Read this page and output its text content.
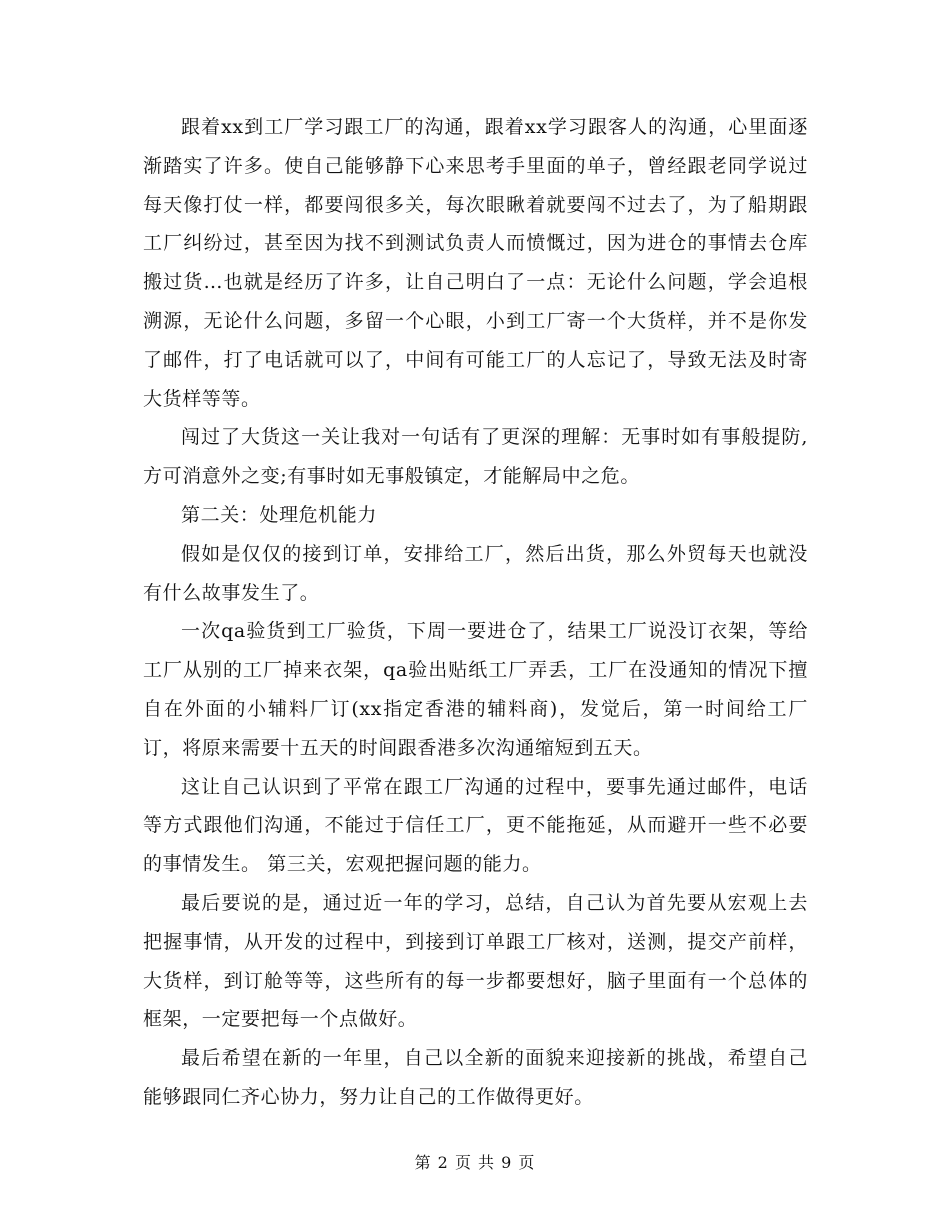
跟着xx到工厂学习跟工厂的沟通，跟着xx学习跟客人的沟通，心里面逐渐踏实了许多。使自己能够静下心来思考手里面的单子，曾经跟老同学说过每天像打仗一样，都要闯很多关，每次眼瞅着就要闯不过去了，为了船期跟工厂纠纷过，甚至因为找不到测试负责人而愤慨过，因为进仓的事情去仓库搬过货…也就是经历了许多，让自己明白了一点：无论什么问题，学会追根溯源，无论什么问题，多留一个心眼，小到工厂寄一个大货样，并不是你发了邮件，打了电话就可以了，中间有可能工厂的人忘记了，导致无法及时寄大货样等等。

闯过了大货这一关让我对一句话有了更深的理解：无事时如有事般提防,方可消意外之变;有事时如无事般镇定，才能解局中之危。

第二关：处理危机能力

假如是仅仅的接到订单，安排给工厂，然后出货，那么外贸每天也就没有什么故事发生了。

一次qa验货到工厂验货，下周一要进仓了，结果工厂说没订衣架，等给工厂从别的工厂掉来衣架，qa验出贴纸工厂弄丢，工厂在没通知的情况下擅自在外面的小辅料厂订(xx指定香港的辅料商)，发觉后，第一时间给工厂订，将原来需要十五天的时间跟香港多次沟通缩短到五天。

这让自己认识到了平常在跟工厂沟通的过程中，要事先通过邮件，电话等方式跟他们沟通，不能过于信任工厂，更不能拖延，从而避开一些不必要的事情发生。 第三关，宏观把握问题的能力。

最后要说的是，通过近一年的学习，总结，自己认为首先要从宏观上去把握事情，从开发的过程中，到接到订单跟工厂核对，送测，提交产前样，大货样，到订舱等等，这些所有的每一步都要想好，脑子里面有一个总体的框架，一定要把每一个点做好。

最后希望在新的一年里，自己以全新的面貌来迎接新的挑战，希望自己能够跟同仁齐心协力，努力让自己的工作做得更好。

第 2 页 共 9 页
